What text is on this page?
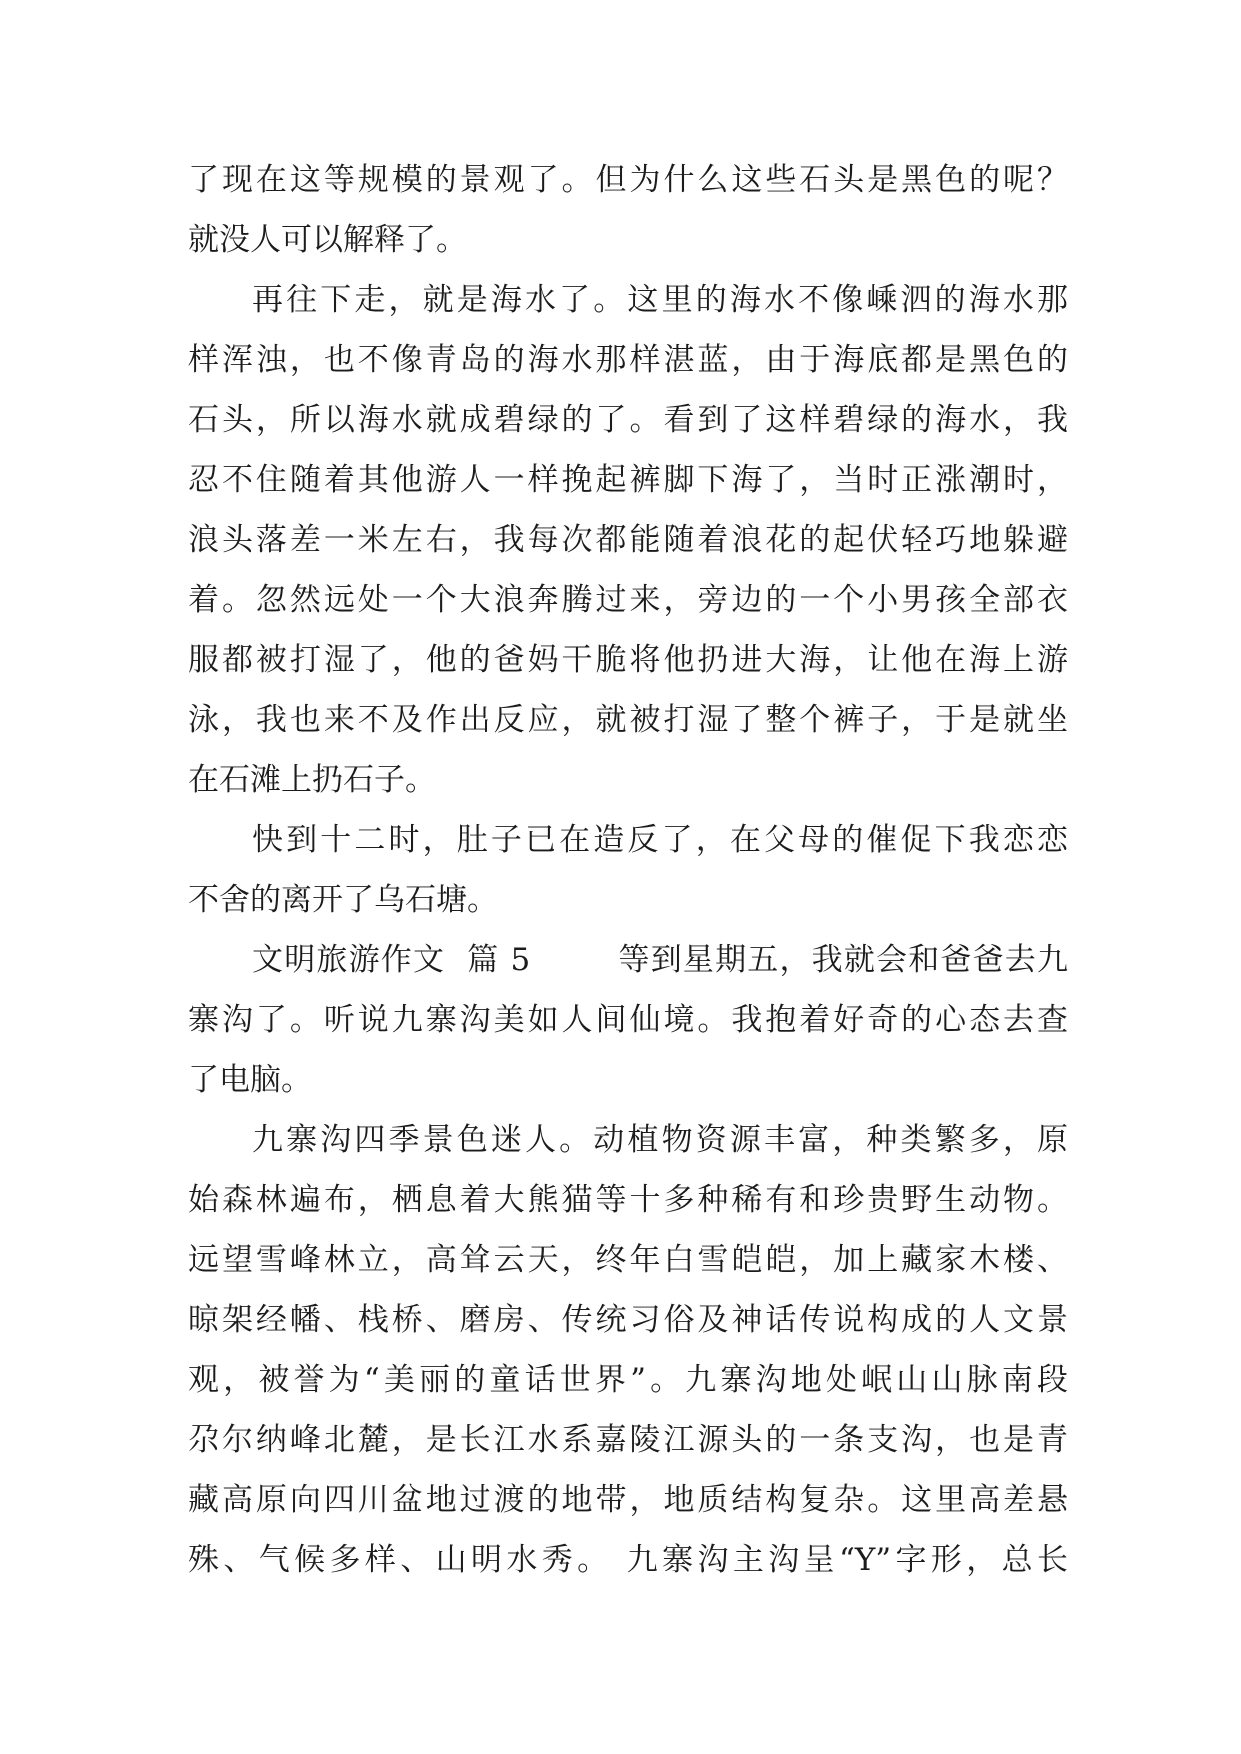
了现在这等规模的景观了。但为什么这些石头是黑色的呢？
就没人可以解释了。
再往下走，就是海水了。这里的海水不像嵊泗的海水那
样浑浊，也不像青岛的海水那样湛蓝，由于海底都是黑色的
石头，所以海水就成碧绿的了。看到了这样碧绿的海水，我
忍不住随着其他游人一样挽起裤脚下海了，当时正涨潮时，
浪头落差一米左右，我每次都能随着浪花的起伏轻巧地躲避
着。忽然远处一个大浪奔腾过来，旁边的一个小男孩全部衣
服都被打湿了，他的爸妈干脆将他扔进大海，让他在海上游
泳，我也来不及作出反应，就被打湿了整个裤子，于是就坐
在石滩上扔石子。
快到十二时，肚子已在造反了，在父母的催促下我恋恋
不舍的离开了乌石塘。
文明旅游作文  篇 5        等到星期五，我就会和爸爸去九
寨沟了。听说九寨沟美如人间仙境。我抱着好奇的心态去查
了电脑。
九寨沟四季景色迷人。动植物资源丰富，种类繁多，原
始森林遍布，栖息着大熊猫等十多种稀有和珍贵野生动物。
远望雪峰林立，高耸云天，终年白雪皑皑，加上藏家木楼、
晾架经幡、栈桥、磨房、传统习俗及神话传说构成的人文景
观，被誉为“美丽的童话世界”。九寨沟地处岷山山脉南段
尕尔纳峰北麓，是长江水系嘉陵江源头的一条支沟，也是青
藏高原向四川盆地过渡的地带，地质结构复杂。这里高差悬
殊、气候多样、山明水秀。 九寨沟主沟呈“Y”字形，总长
